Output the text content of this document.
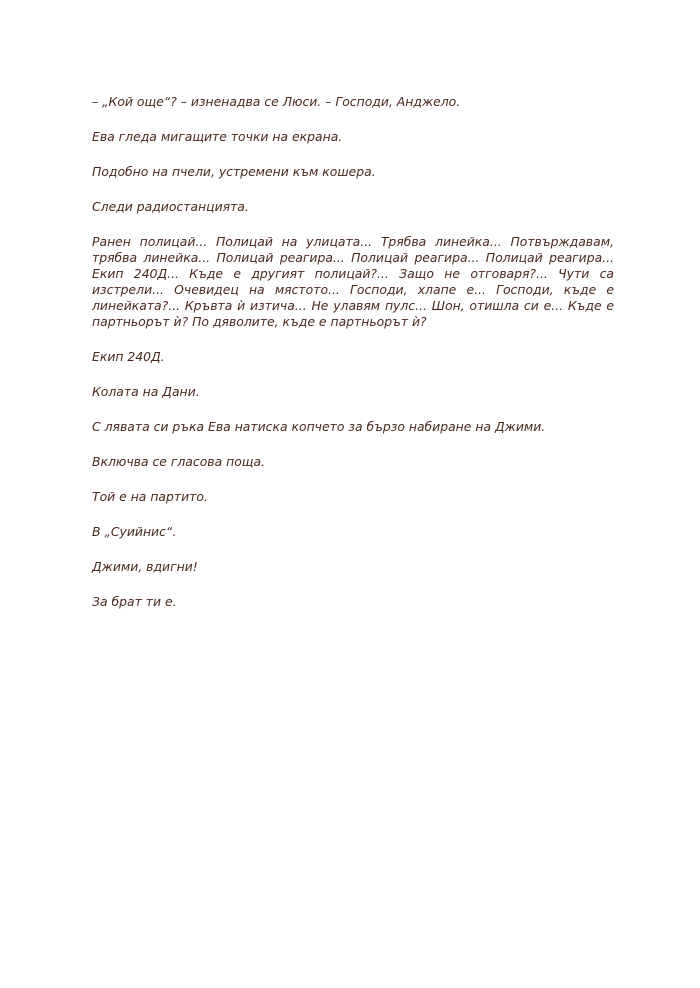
– „Кой още“? – изненадва се Люси. – Господи, Анджело.

Ева гледа мигащите точки на екрана.

Подобно на пчели, устремени към кошера.

Следи радиостанцията.

Ранен полицай... Полицай на улицата... Трябва линейка... Потвърждавам,
трябва линейка... Полицай реагира... Полицай реагира... Полицай реагира...
Екип 240Д... Къде е другият полицай?... Защо не отговаря?... Чути са
изстрели... Очевидец на мястото... Господи, хлапе е... Господи, къде е
линейката?... Кръвта ѝ изтича... Не улавям пулс... Шон, отишла си е... Къде е
партньорът ѝ? По дяволите, къде е партньорът ѝ?

Екип 240Д.

Колата на Дани.

С лявата си ръка Ева натиска копчето за бързо набиране на Джими.

Включва се гласова поща.

Той е на партито.

В „Суийнис“.

Джими, вдигни!

За брат ти е.
